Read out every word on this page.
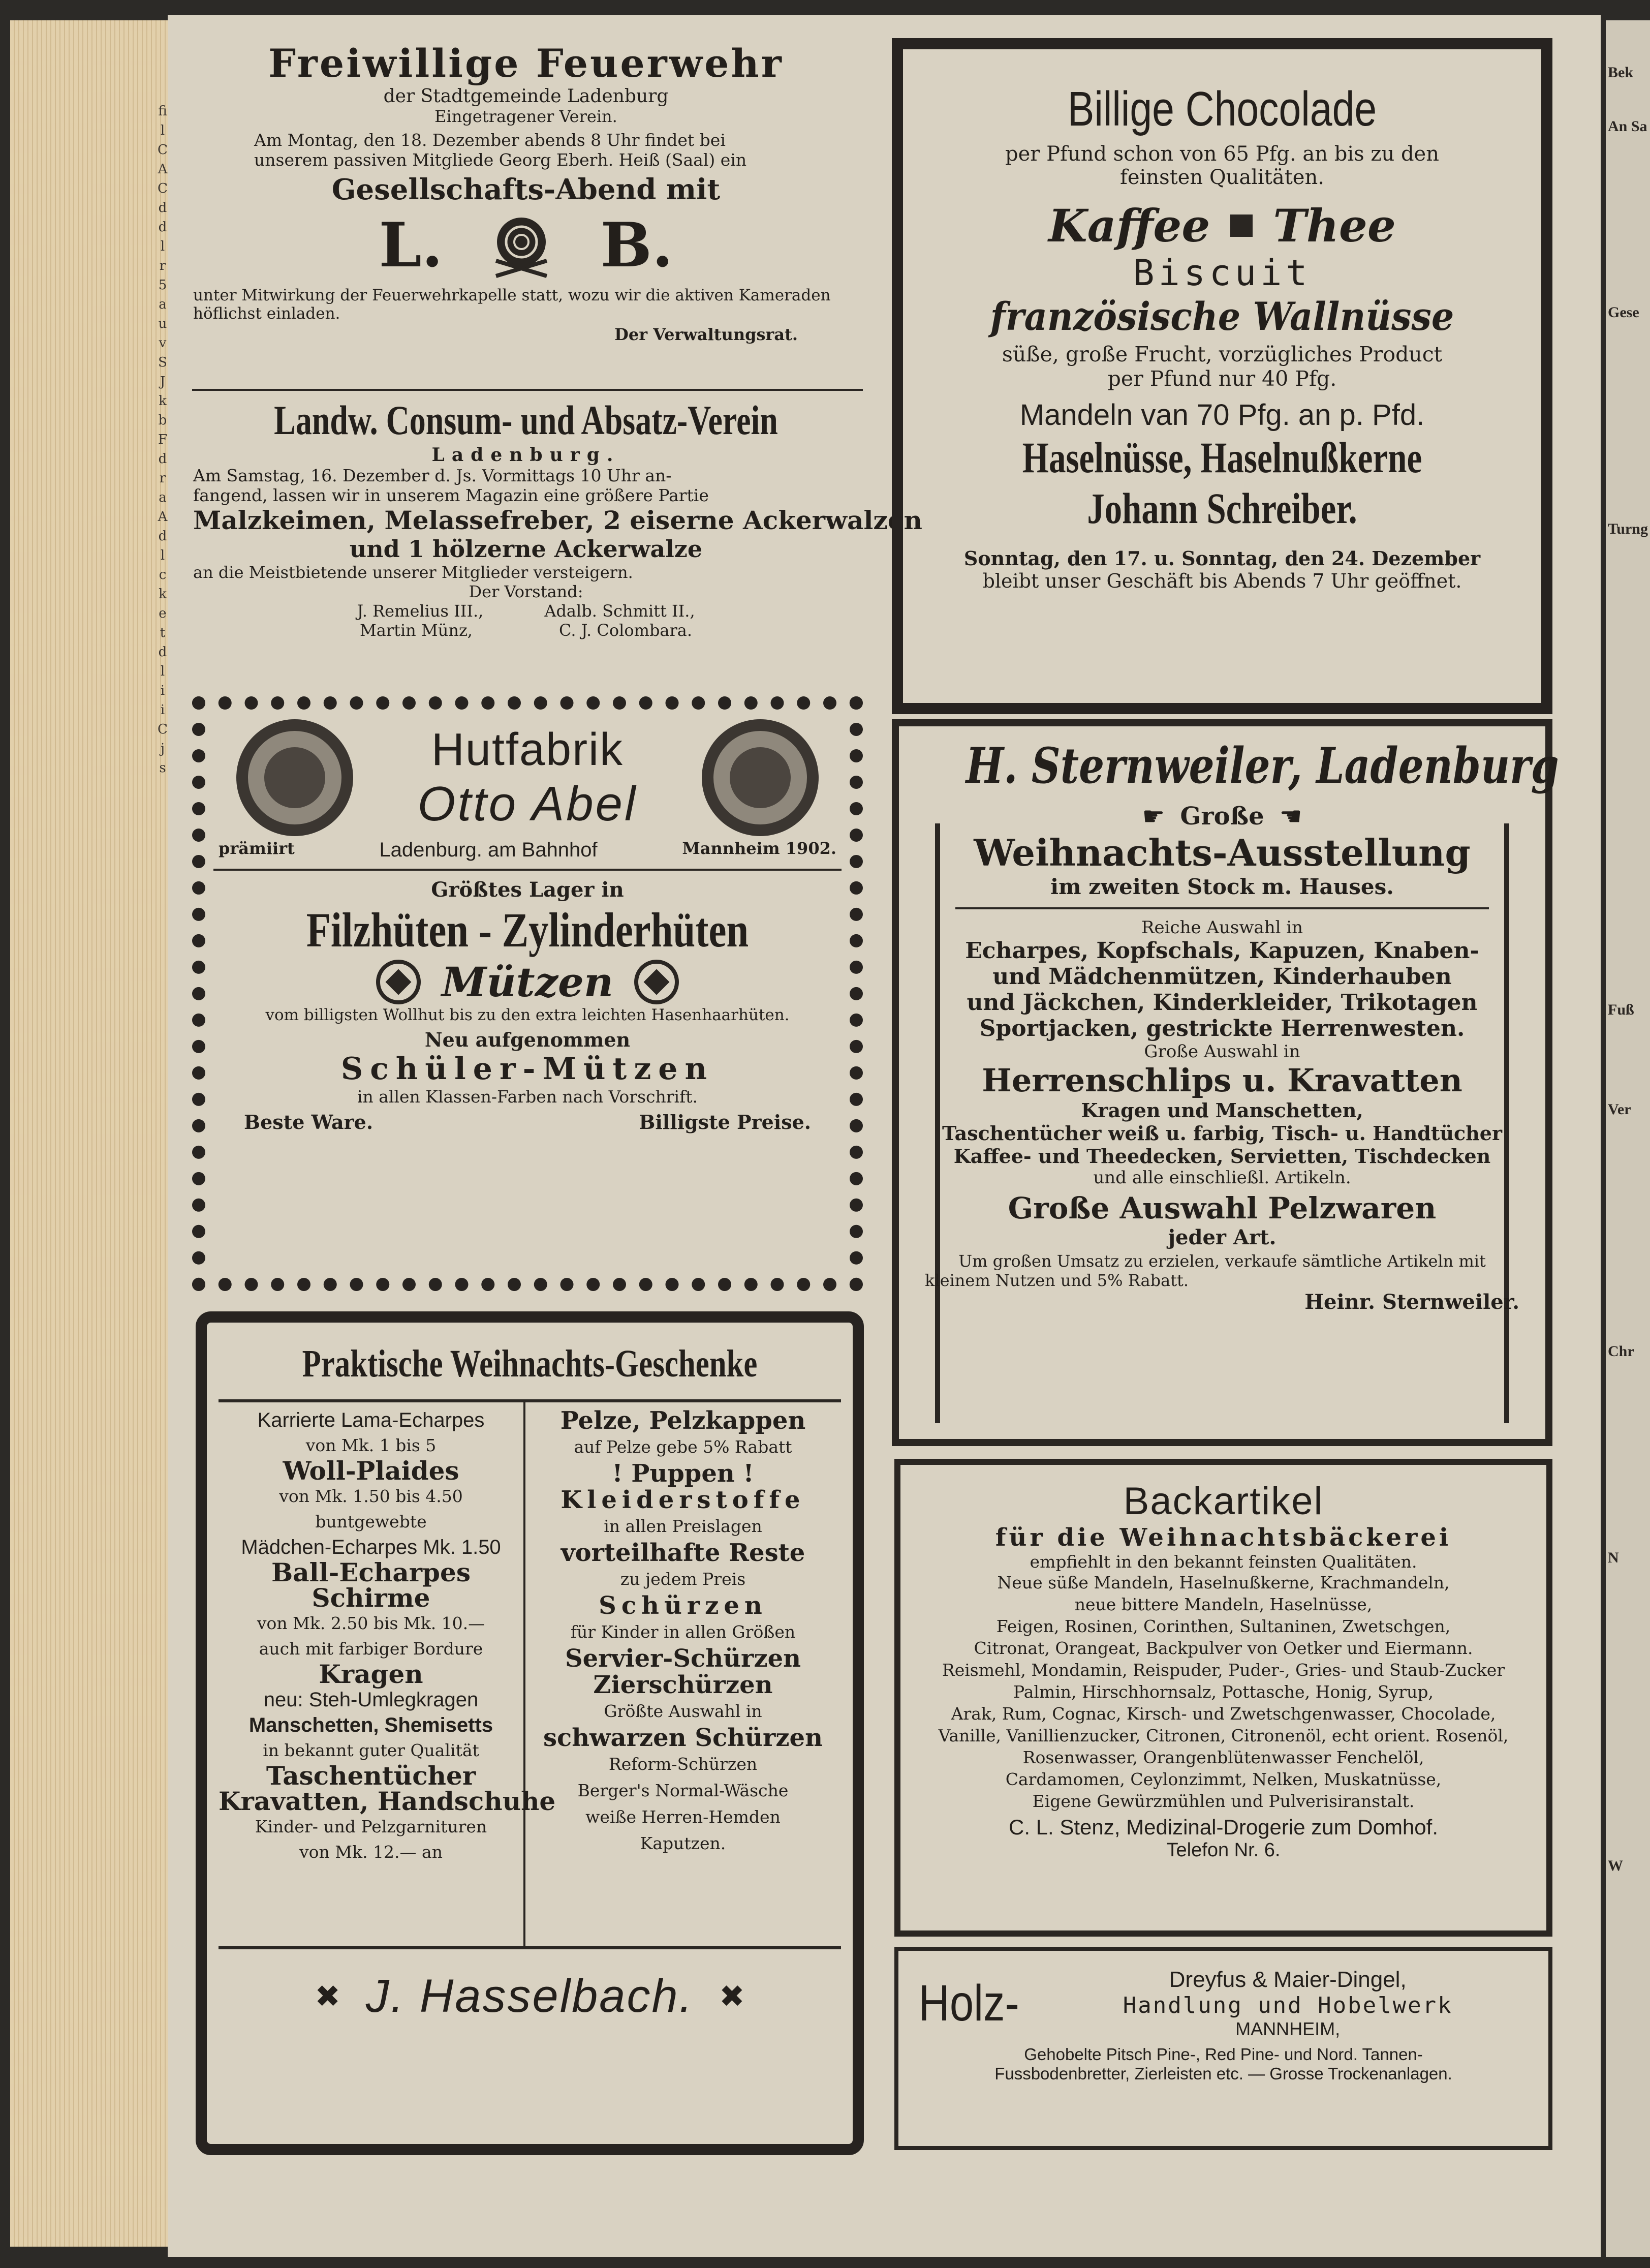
Bek
An Sa
Gese
Turng
Fuß
Ver
Chr
N
W
fi
l
C
A
C
d
d
l
r
5
a
u
v
S
J
k
b
F
d
r
a
A
d
l
c
k
e
t
d
l
i
i
C
j
s
Freiwillige Feuerwehr
der Stadtgemeinde Ladenburg
Eingetragener Verein.
Am Montag, den 18. Dezember abends 8 Uhr findet bei
unserem passiven Mitgliede Georg Eberh. Heiß (Saal) ein
Gesellschafts-Abend mit
L.	B.
unter Mitwirkung der Feuerwehrkapelle statt, wozu wir die aktiven Kameraden
höflichst einladen.
Der Verwaltungsrat.
Landw. Consum- und Absatz-Verein
Ladenburg.
Am Samstag, 16. Dezember d. Js. Vormittags 10 Uhr an-
fangend, lassen wir in unserem Magazin eine größere Partie
Malzkeimen, Melassefreber, 2 eiserne Ackerwalzen
und 1 hölzerne Ackerwalze
an die Meistbietende unserer Mitglieder versteigern.
Der Vorstand:
J. Remelius III.,	Adalb. Schmitt II.,
Martin Münz,	C. J. Colombara.
Hutfabrik
Otto Abel
prämiirt	Ladenburg. am Bahnhof	Mannheim 1902.
Größtes Lager in
Filzhüten - Zylinderhüten
Mützen
vom billigsten Wollhut bis zu den extra leichten Hasenhaarhüten.
Neu aufgenommen
Schüler-Mützen
in allen Klassen-Farben nach Vorschrift.
Beste Ware.	Billigste Preise.
Praktische Weihnachts-Geschenke
Karrierte Lama-Echarpes
von Mk. 1 bis 5
Woll-Plaides
von Mk. 1.50 bis 4.50
buntgewebte
Mädchen-Echarpes Mk. 1.50
Ball-Echarpes
Schirme
von Mk. 2.50 bis Mk. 10.—
auch mit farbiger Bordure
Kragen
neu: Steh-Umlegkragen
Manschetten, Shemisetts
in bekannt guter Qualität
Taschentücher
Kravatten, Handschuhe
Kinder- und Pelzgarnituren
von Mk. 12.— an
Pelze, Pelzkappen
auf Pelze gebe 5% Rabatt
! Puppen !
Kleiderstoffe
in allen Preislagen
vorteilhafte Reste
zu jedem Preis
Schürzen
für Kinder in allen Größen
Servier-Schürzen
Zierschürzen
Größte Auswahl in
schwarzen Schürzen
Reform-Schürzen
Berger's Normal-Wäsche
weiße Herren-Hemden
Kaputzen.
✖ J. Hasselbach. ✖
Billige Chocolade
per Pfund schon von 65 Pfg. an bis zu den
feinsten Qualitäten.
Kaffee Thee
Biscuit
französische Wallnüsse
süße, große Frucht, vorzügliches Product
per Pfund nur 40 Pfg.
Mandeln van 70 Pfg. an p. Pfd.
Haselnüsse, Haselnußkerne
Johann Schreiber.
Sonntag, den 17. u. Sonntag, den 24. Dezember
bleibt unser Geschäft bis Abends 7 Uhr geöffnet.
H. Sternweiler, Ladenburg
☛ Große ☚
Weihnachts-Ausstellung
im zweiten Stock m. Hauses.
Reiche Auswahl in
Echarpes, Kopfschals, Kapuzen, Knaben-
und Mädchenmützen, Kinderhauben
und Jäckchen, Kinderkleider, Trikotagen
Sportjacken, gestrickte Herrenwesten.
Große Auswahl in
Herrenschlips u. Kravatten
Kragen und Manschetten,
Taschentücher weiß u. farbig, Tisch- u. Handtücher
Kaffee- und Theedecken, Servietten, Tischdecken
und alle einschließl. Artikeln.
Große Auswahl Pelzwaren
jeder Art.
Um großen Umsatz zu erzielen, verkaufe sämtliche Artikeln mit
kleinem Nutzen und 5% Rabatt.
Heinr. Sternweiler.
Backartikel
für die Weihnachtsbäckerei
empfiehlt in den bekannt feinsten Qualitäten.
Neue süße Mandeln, Haselnußkerne, Krachmandeln,
neue bittere Mandeln, Haselnüsse,
Feigen, Rosinen, Corinthen, Sultaninen, Zwetschgen,
Citronat, Orangeat, Backpulver von Oetker und Eiermann.
Reismehl, Mondamin, Reispuder, Puder-, Gries- und Staub-Zucker
Palmin, Hirschhornsalz, Pottasche, Honig, Syrup,
Arak, Rum, Cognac, Kirsch- und Zwetschgenwasser, Chocolade,
Vanille, Vanillienzucker, Citronen, Citronenöl, echt orient. Rosenöl,
Rosenwasser, Orangenblütenwasser Fenchelöl,
Cardamomen, Ceylonzimmt, Nelken, Muskatnüsse,
Eigene Gewürzmühlen und Pulverisiranstalt.
C. L. Stenz, Medizinal-Drogerie zum Domhof.
Telefon Nr. 6.
Holz-	Dreyfus & Maier-Dingel,
Handlung und Hobelwerk
MANNHEIM,
Gehobelte Pitsch Pine-, Red Pine- und Nord. Tannen-
Fussbodenbretter, Zierleisten etc. — Grosse Trockenanlagen.
